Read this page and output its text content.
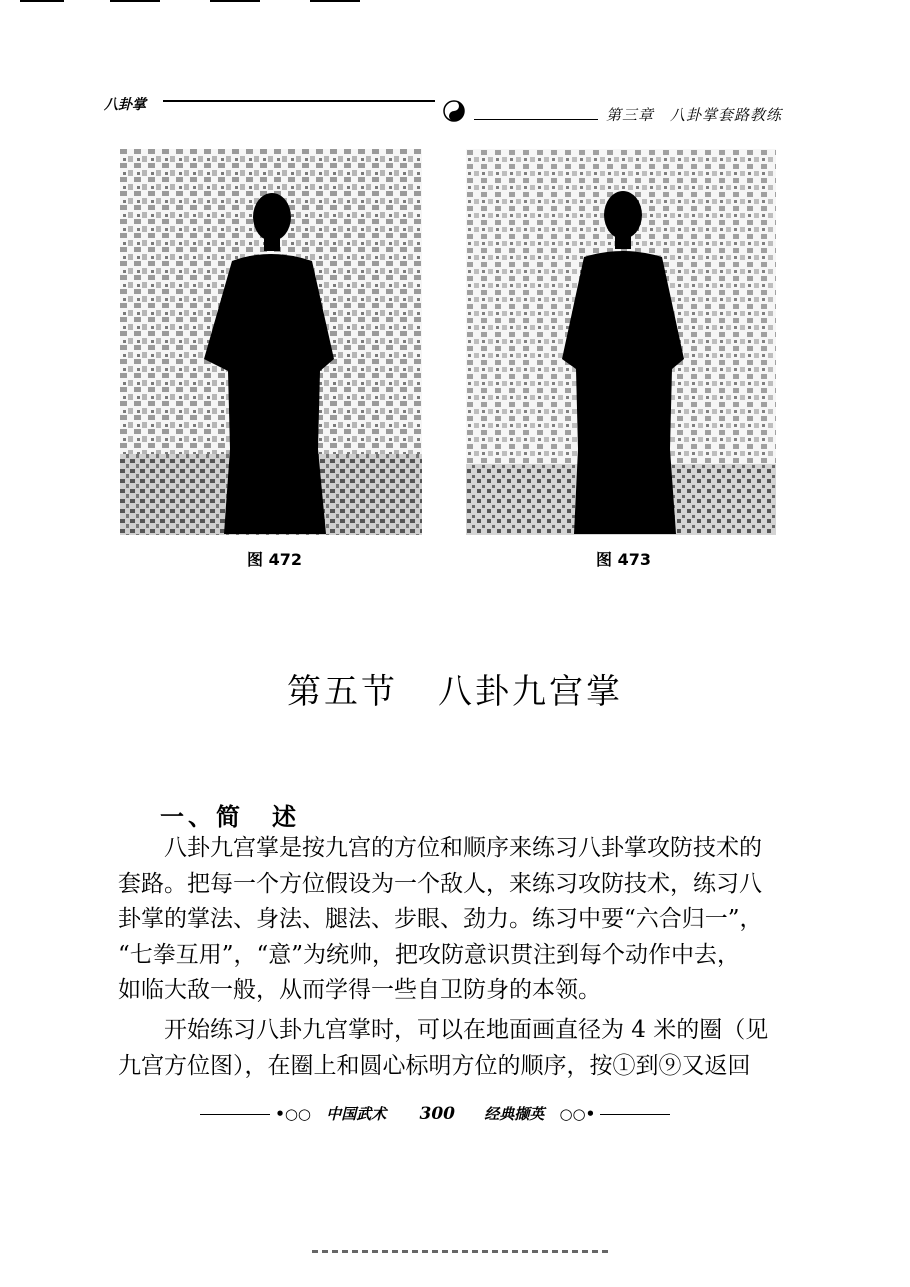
八卦掌
第三章　八卦掌套路教练
图 472	图 473
第五节 八卦九宫掌
一、简　述
八卦九宫掌是按九宫的方位和顺序来练习八卦掌攻防技术的
套路。把每一个方位假设为一个敌人，来练习攻防技术，练习八
卦掌的掌法、身法、腿法、步眼、劲力。练习中要“六合归一”，
“七拳互用”，“意”为统帅，把攻防意识贯注到每个动作中去，
如临大敌一般，从而学得一些自卫防身的本领。
开始练习八卦九宫掌时，可以在地面画直径为 4 米的圈（见
九宫方位图），在圈上和圆心标明方位的顺序，按①到⑨又返回
•○○ 中国武术 300 经典撷英 ○○•
